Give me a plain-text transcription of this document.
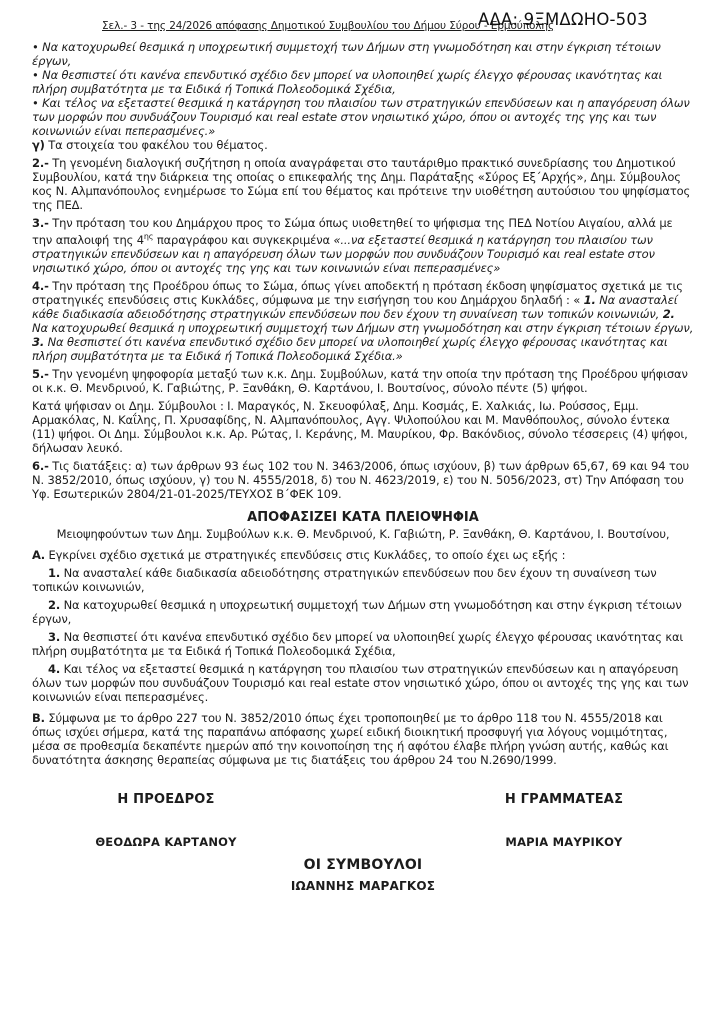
Σελ.- 3 - της 24/2026 απόφασης Δημοτικού Συμβουλίου του Δήμου Σύρου - Ερμούπολης
ΑΔΑ: 9ΞΜΔΩΗΟ-503

• Να κατοχυρωθεί θεσμικά η υποχρεωτική συμμετοχή των Δήμων στη γνωμοδότηση και στην έγκριση τέτοιων έργων,

• Να θεσπιστεί ότι κανένα επενδυτικό σχέδιο δεν μπορεί να υλοποιηθεί χωρίς έλεγχο φέρουσας ικανότητας και πλήρη συμβατότητα με τα Ειδικά ή Τοπικά Πολεοδομικά Σχέδια,

• Και τέλος να εξεταστεί θεσμικά η κατάργηση του πλαισίου των στρατηγικών επενδύσεων και η απαγόρευση όλων των μορφών που συνδυάζουν Τουρισμό και real estate στον νησιωτικό χώρο, όπου οι αντοχές της γης και των κοινωνιών είναι πεπερασμένες.»

γ) Τα στοιχεία του φακέλου του θέματος.

2.- Τη γενομένη διαλογική συζήτηση η οποία αναγράφεται στο ταυτάριθμο πρακτικό συνεδρίασης του Δημοτικού Συμβουλίου, κατά την διάρκεια της οποίας ο επικεφαλής της Δημ. Παράταξης «Σύρος Εξ΄Αρχής», Δημ. Σύμβουλος κος Ν. Αλμπανόπουλος ενημέρωσε το Σώμα επί του θέματος και πρότεινε την υιοθέτηση αυτούσιου του ψηφίσματος της ΠΕΔ.

3.- Την πρόταση του κου Δημάρχου προς το Σώμα όπως υιοθετηθεί το ψήφισμα της ΠΕΔ Νοτίου Αιγαίου, αλλά με την απαλοιφή της $4^{\eta\varsigma}$ παραγράφου και συγκεκριμένα «...να εξεταστεί θεσμικά η κατάργηση του πλαισίου των στρατηγικών επενδύσεων και η απαγόρευση όλων των μορφών που συνδυάζουν Τουρισμό και real estate στον νησιωτικό χώρο, όπου οι αντοχές της γης και των κοινωνιών είναι πεπερασμένες»

4.- Την πρόταση της Προέδρου όπως το Σώμα, όπως γίνει αποδεκτή η πρόταση έκδοση ψηφίσματος σχετικά με τις στρατηγικές επενδύσεις στις Κυκλάδες, σύμφωνα με την εισήγηση του κου Δημάρχου δηλαδή : « 1. Να ανασταλεί κάθε διαδικασία αδειοδότησης στρατηγικών επενδύσεων που δεν έχουν τη συναίνεση των τοπικών κοινωνιών, 2. Να κατοχυρωθεί θεσμικά η υποχρεωτική συμμετοχή των Δήμων στη γνωμοδότηση και στην έγκριση τέτοιων έργων, 3. Να θεσπιστεί ότι κανένα επενδυτικό σχέδιο δεν μπορεί να υλοποιηθεί χωρίς έλεγχο φέρουσας ικανότητας και πλήρη συμβατότητα με τα Ειδικά ή Τοπικά Πολεοδομικά Σχέδια.»

5.- Την γενομένη ψηφοφορία μεταξύ των κ.κ. Δημ. Συμβούλων, κατά την οποία την πρόταση της Προέδρου ψήφισαν οι κ.κ. Θ. Μενδρινού, Κ. Γαβιώτης, Ρ. Ξανθάκη, Θ. Καρτάνου, Ι. Βουτσίνος, σύνολο πέντε (5) ψήφοι.

Κατά ψήφισαν οι Δημ. Σύμβουλοι : Ι. Μαραγκός, Ν. Σκευοφύλαξ, Δημ. Κοσμάς, Ε. Χαλκιάς, Ιω. Ρούσσος, Εμμ. Αρμακόλας, Ν. Καΐλης, Π. Χρυσαφίδης, Ν. Αλμπανόπουλος, Αγγ. Ψιλοπούλου και Μ. Μανθόπουλος, σύνολο έντεκα (11) ψήφοι. Οι Δημ. Σύμβουλοι κ.κ. Αρ. Ρώτας, Ι. Κεράνης, Μ. Μαυρίκου, Φρ. Βακόνδιος, σύνολο τέσσερεις (4) ψήφοι, δήλωσαν λευκό.

6.- Τις διατάξεις: α) των άρθρων 93 έως 102 του Ν. 3463/2006, όπως ισχύουν, β) των άρθρων 65,67, 69 και 94 του Ν. 3852/2010, όπως ισχύουν, γ) του Ν. 4555/2018, δ) του Ν. 4623/2019, ε) του Ν. 5056/2023, στ) Την Απόφαση του Υφ. Εσωτερικών 2804/21-01-2025/ΤΕΥΧΟΣ Β΄ΦΕΚ 109.

ΑΠΟΦΑΣΙΖΕΙ ΚΑΤΑ ΠΛΕΙΟΨΗΦΙΑ

Μειοψηφούντων των Δημ. Συμβούλων κ.κ. Θ. Μενδρινού, Κ. Γαβιώτη, Ρ. Ξανθάκη, Θ. Καρτάνου, Ι. Βουτσίνου,

Α. Εγκρίνει σχέδιο σχετικά με στρατηγικές επενδύσεις στις Κυκλάδες, το οποίο έχει ως εξής :

1. Να ανασταλεί κάθε διαδικασία αδειοδότησης στρατηγικών επενδύσεων που δεν έχουν τη συναίνεση των τοπικών κοινωνιών,

2. Να κατοχυρωθεί θεσμικά η υποχρεωτική συμμετοχή των Δήμων στη γνωμοδότηση και στην έγκριση τέτοιων έργων,

3. Να θεσπιστεί ότι κανένα επενδυτικό σχέδιο δεν μπορεί να υλοποιηθεί χωρίς έλεγχο φέρουσας ικανότητας και πλήρη συμβατότητα με τα Ειδικά ή Τοπικά Πολεοδομικά Σχέδια,

4. Και τέλος να εξεταστεί θεσμικά η κατάργηση του πλαισίου των στρατηγικών επενδύσεων και η απαγόρευση όλων των μορφών που συνδυάζουν Τουρισμό και real estate στον νησιωτικό χώρο, όπου οι αντοχές της γης και των κοινωνιών είναι πεπερασμένες.

Β. Σύμφωνα με το άρθρο 227 του Ν. 3852/2010 όπως έχει τροποποιηθεί με το άρθρο 118 του Ν. 4555/2018 και όπως ισχύει σήμερα, κατά της παραπάνω απόφασης χωρεί ειδική διοικητική προσφυγή για λόγους νομιμότητας, μέσα σε προθεσμία δεκαπέντε ημερών από την κοινοποίηση της ή αφότου έλαβε πλήρη γνώση αυτής, καθώς και δυνατότητα άσκησης θεραπείας σύμφωνα με τις διατάξεις του άρθρου 24 του Ν.2690/1999.

Η ΠΡΟΕΔΡΟΣ	Η ΓΡΑΜΜΑΤΕΑΣ
ΘΕΟΔΩΡΑ ΚΑΡΤΑΝΟΥ	ΜΑΡΙΑ ΜΑΥΡΙΚΟΥ
ΟΙ ΣΥΜΒΟΥΛΟΙ
ΙΩΑΝΝΗΣ ΜΑΡΑΓΚΟΣ
